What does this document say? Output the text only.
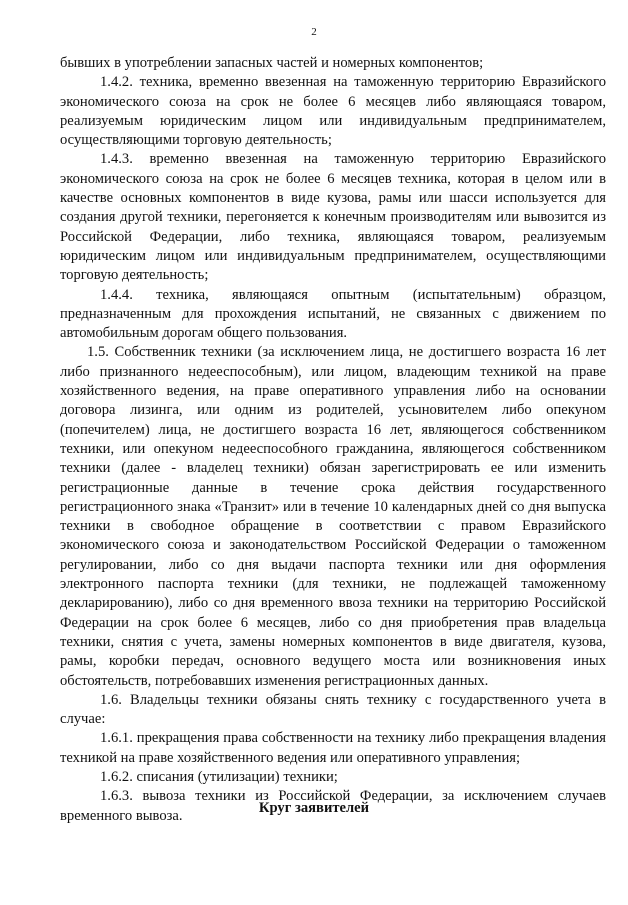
2

бывших в употреблении запасных частей и номерных компонентов;

1.4.2. техника, временно ввезенная на таможенную территорию Евразийского экономического союза на срок не более 6 месяцев либо являющаяся товаром, реализуемым юридическим лицом или индивидуальным предпринимателем, осуществляющими торговую деятельность;

1.4.3. временно ввезенная на таможенную территорию Евразийского экономического союза на срок не более 6 месяцев техника, которая в целом или в качестве основных компонентов в виде кузова, рамы или шасси используется для создания другой техники, перегоняется к конечным производителям или вывозится из Российской Федерации, либо техника, являющаяся товаром, реализуемым юридическим лицом или индивидуальным предпринимателем, осуществляющими торговую деятельность;

1.4.4. техника, являющаяся опытным (испытательным) образцом, предназначенным для прохождения испытаний, не связанных с движением по автомобильным дорогам общего пользования.

1.5. Собственник техники (за исключением лица, не достигшего возраста 16 лет либо признанного недееспособным), или лицом, владеющим техникой на праве хозяйственного ведения, на праве оперативного управления либо на основании договора лизинга, или одним из родителей, усыновителем либо опекуном (попечителем) лица, не достигшего возраста 16 лет, являющегося собственником техники, или опекуном недееспособного гражданина, являющегося собственником техники (далее - владелец техники) обязан зарегистрировать ее или изменить регистрационные данные в течение срока действия государственного регистрационного знака «Транзит» или в течение 10 календарных дней со дня выпуска техники в свободное обращение в соответствии с правом Евразийского экономического союза и законодательством Российской Федерации о таможенном регулировании, либо со дня выдачи паспорта техники или дня оформления электронного паспорта техники (для техники, не подлежащей таможенному декларированию), либо со дня временного ввоза техники на территорию Российской Федерации на срок более 6 месяцев, либо со дня приобретения прав владельца техники, снятия с учета, замены номерных компонентов в виде двигателя, кузова, рамы, коробки передач, основного ведущего моста или возникновения иных обстоятельств, потребовавших изменения регистрационных данных.

1.6. Владельцы техники обязаны снять технику с государственного учета в случае:

1.6.1. прекращения права собственности на технику либо прекращения владения техникой на праве хозяйственного ведения или оперативного управления;

1.6.2. списания (утилизации) техники;

1.6.3. вывоза техники из Российской Федерации, за исключением случаев временного вывоза.	Круг заявителей
